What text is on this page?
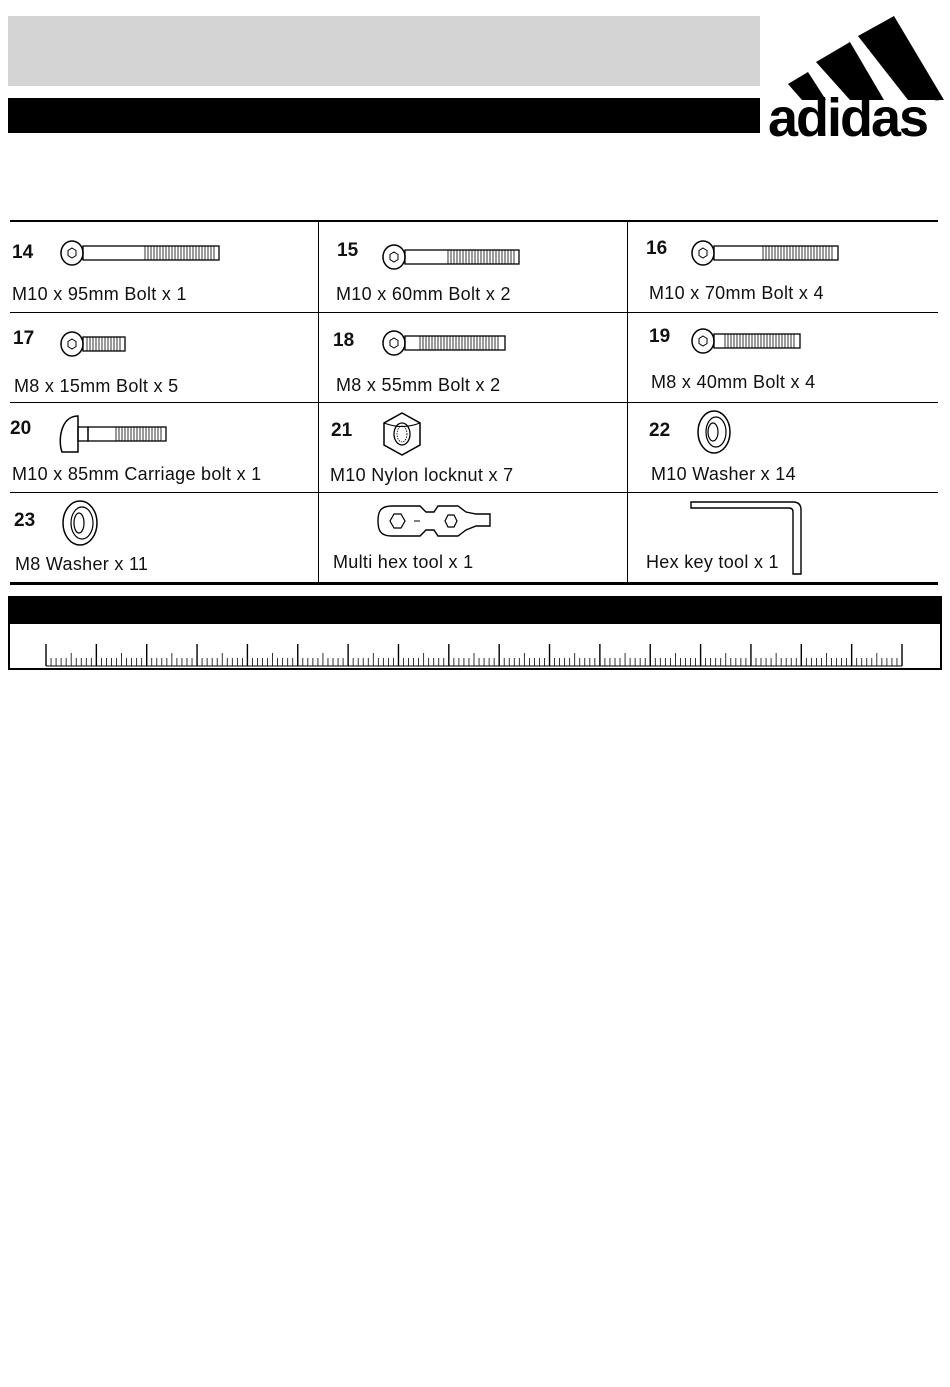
adidas ®
14
M10 x 95mm Bolt x 1
15
M10 x 60mm Bolt x 2
16
M10 x 70mm Bolt x 4
17
M8 x 15mm Bolt x 5
18
M8 x 55mm Bolt x 2
19
M8 x 40mm Bolt x 4
20
M10 x 85mm Carriage bolt x 1
21
M10 Nylon locknut x 7
22
M10 Washer x 14
23
M8 Washer x 11	Multi hex tool x 1	Hex key tool x 1
